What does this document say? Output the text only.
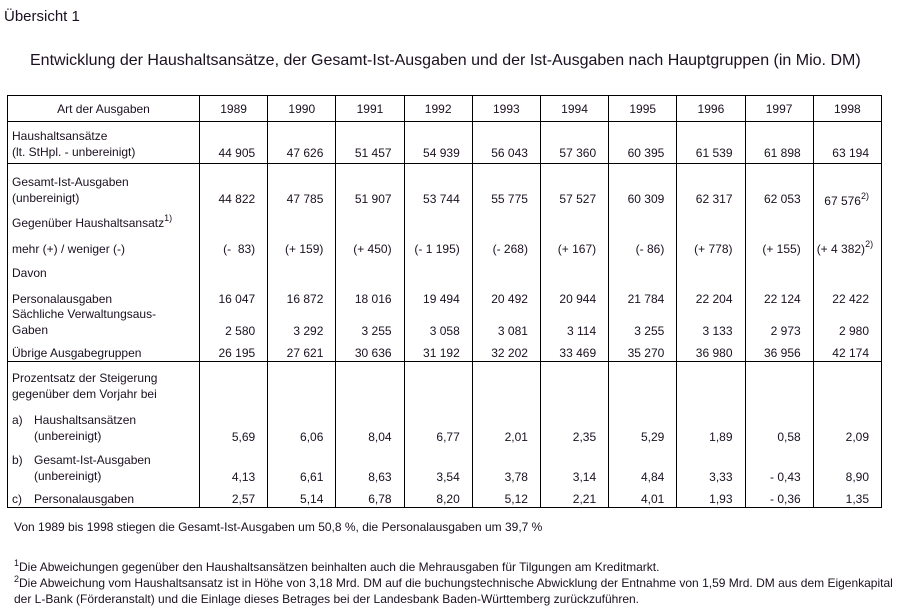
Übersicht 1
Entwicklung der Haushaltsansätze, der Gesamt-Ist-Ausgaben und der Ist-Ausgaben nach Hauptgruppen (in Mio. DM)
Art der Ausgaben	1989	1990	1991	1992	1993	1994	1995	1996	1997	1998

Haushaltsansätze
(lt. StHpl. - unbereinigt)	44 905	47 626	51 457	54 939	56 043	57 360	60 395	61 539	61 898	63 194

Gesamt-Ist-Ausgaben
(unbereinigt)	44 822	47 785	51 907	53 744	55 775	57 527	60 309	62 317	62 053	67 576$^{2)}$
Gegenüber Haushaltsansatz$^{1)}$										
mehr (+) / weniger (-)	(-  83)	(+ 159)	(+ 450)	(- 1 195)	(- 268)	(+ 167)	(- 86)	(+ 778)	(+ 155)	(+ 4 382)$^{2)}$
Davon										
Personalausgaben	16 047	16 872	18 016	19 494	20 492	20 944	21 784	22 204	22 124	22 422

Sächliche Verwaltungsaus-
Gaben	2 580	3 292	3 255	3 058	3 081	3 114	3 255	3 133	2 973	2 980
Übrige Ausgabegruppen	26 195	27 621	30 636	31 192	32 202	33 469	35 270	36 980	36 956	42 174

Prozentsatz der Steigerung
gegenüber dem Vorjahr bei										

a) Haushaltsansätzen
(unbereinigt)	5,69	6,06	8,04	6,77	2,01	2,35	5,29	1,89	0,58	2,09

b) Gesamt-Ist-Ausgaben
(unbereinigt)	4,13	6,61	8,63	3,54	3,78	3,14	4,84	3,33	- 0,43	8,90
c) Personalausgaben	2,57	5,14	6,78	8,20	5,12	2,21	4,01	1,93	- 0,36	1,35
Von 1989 bis 1998 stiegen die Gesamt-Ist-Ausgaben um 50,8 %, die Personalausgaben um 39,7 %
$^1$Die Abweichungen gegenüber den Haushaltsansätzen beinhalten auch die Mehrausgaben für Tilgungen am Kreditmarkt.
$^2$Die Abweichung vom Haushaltsansatz ist in Höhe von 3,18 Mrd. DM auf die buchungstechnische Abwicklung der Entnahme von 1,59 Mrd. DM aus dem Eigenkapital der L-Bank (Förderanstalt) und die Einlage dieses Betrages bei der Landesbank Baden-Württemberg zurückzuführen.
